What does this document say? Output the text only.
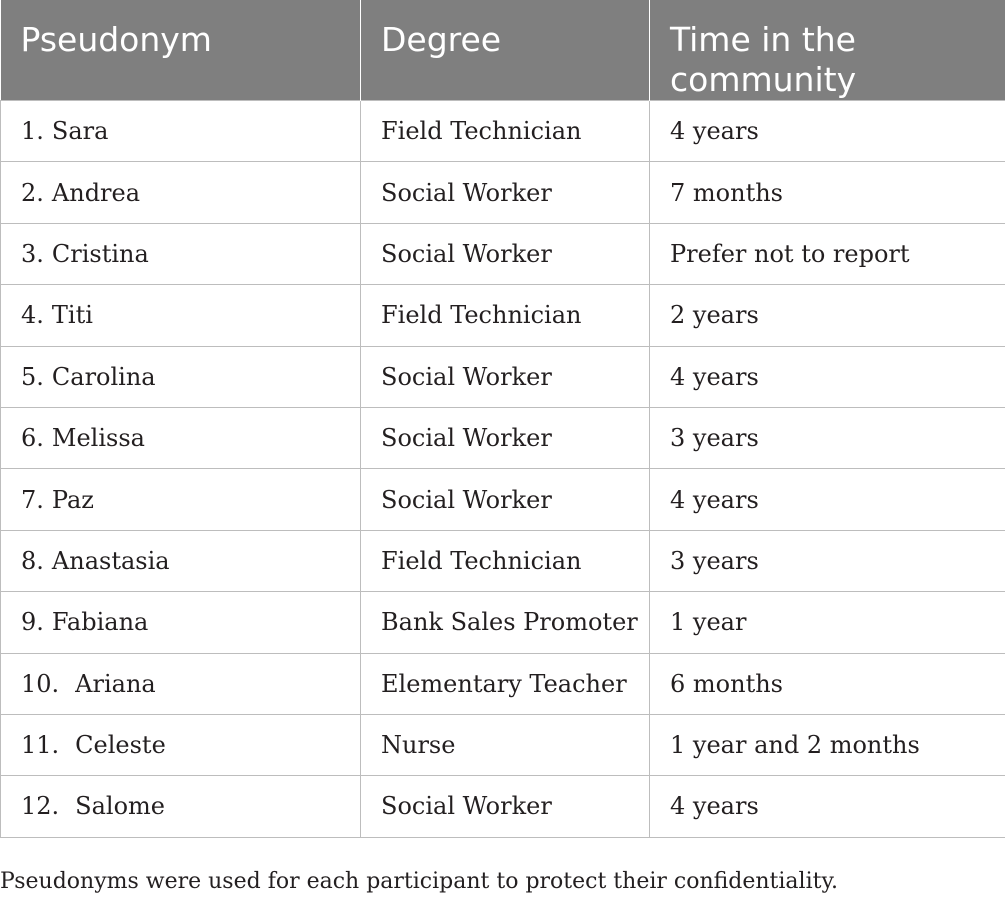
Pseudonym	Degree	Time in the
community
1. Sara	Field Technician	4 years
2. Andrea	Social Worker	7 months
3. Cristina	Social Worker	Prefer not to report
4. Titi	Field Technician	2 years
5. Carolina	Social Worker	4 years
6. Melissa	Social Worker	3 years
7. Paz	Social Worker	4 years
8. Anastasia	Field Technician	3 years
9. Fabiana	Bank Sales Promoter	1 year
10. Ariana	Elementary Teacher	6 months
11. Celeste	Nurse	1 year and 2 months
12. Salome	Social Worker	4 years
Pseudonyms were used for each participant to protect their confidentiality.
